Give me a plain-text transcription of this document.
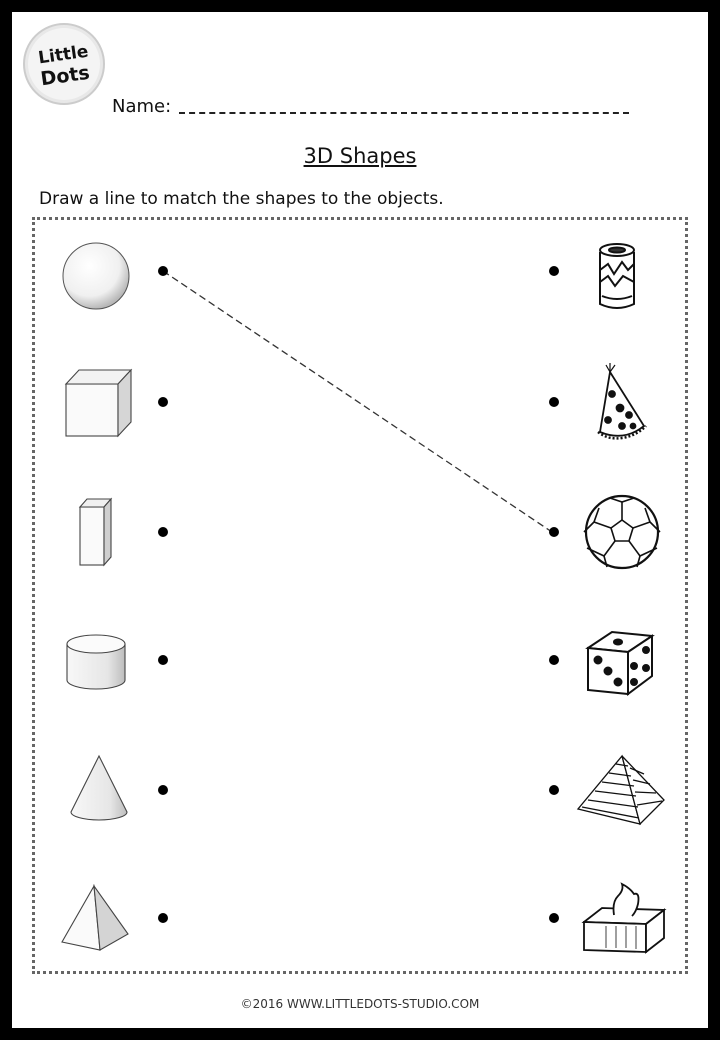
Little
Dots
Name:
3D Shapes
Draw a line to match the shapes to the objects.
©2016 WWW.LITTLEDOTS-STUDIO.COM
